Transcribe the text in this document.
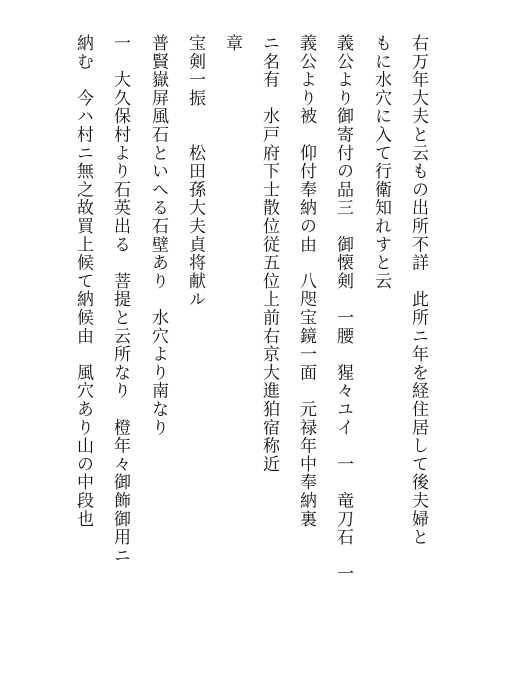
右万年大夫と云もの出所不詳　此所ニ年を経住居して後夫婦と
もに水穴に入て行衛知れすと云
義公より御寄付の品三　御懐剣　一腰　猩々ユイ　一　竜刀石　一
義公より被　仰付奉納の由　八咫宝鏡一面　元禄年中奉納裏
ニ名有　水戸府下士散位従五位上前右京大進狛宿称近
章
宝剣一振　　松田孫大夫貞将献ル
普賢嶽屏風石といへる石壁あり　水穴より南なり
一　大久保村より石英出る　菩提と云所なり　橙年々御飾御用ニ
納む　今ハ村ニ無之故買上候て納候由　風穴あり山の中段也
